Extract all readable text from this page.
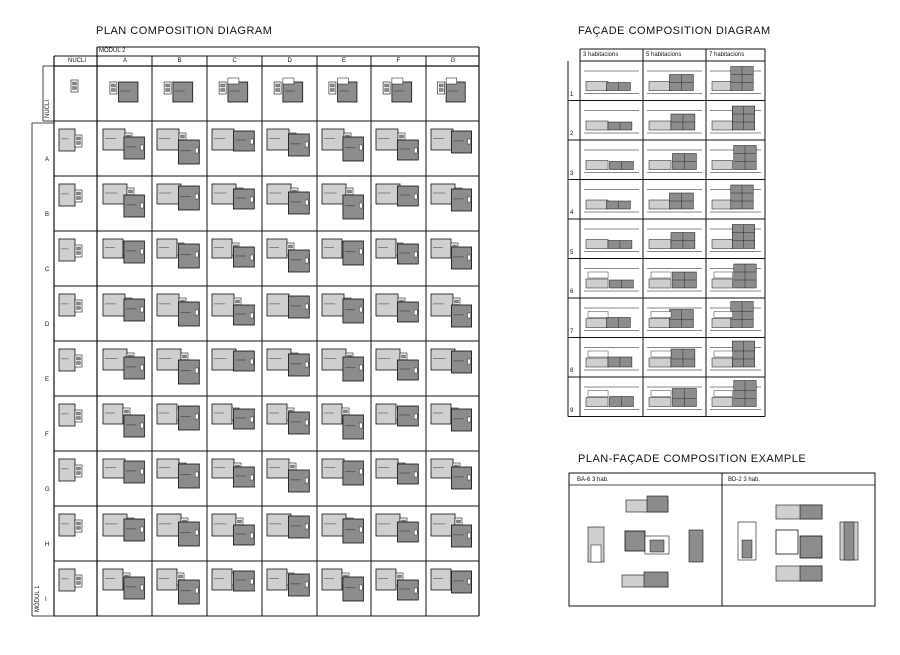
PLAN COMPOSITION DIAGRAM	FAÇADE COMPOSITION DIAGRAM
PLAN-FAÇADE COMPOSITION EXAMPLE
MÒDUL 2
MÒDUL 1
NUCLI	A	B	C	D	E	F	G
NUCLI
A
B
C
D
E
F
G
H
I
3 habitacions	5 habitacions	7 habitacions
1
2
3
4
5
6
7
8
9
BA-6 3 hab.	BD-2 3 hab.
